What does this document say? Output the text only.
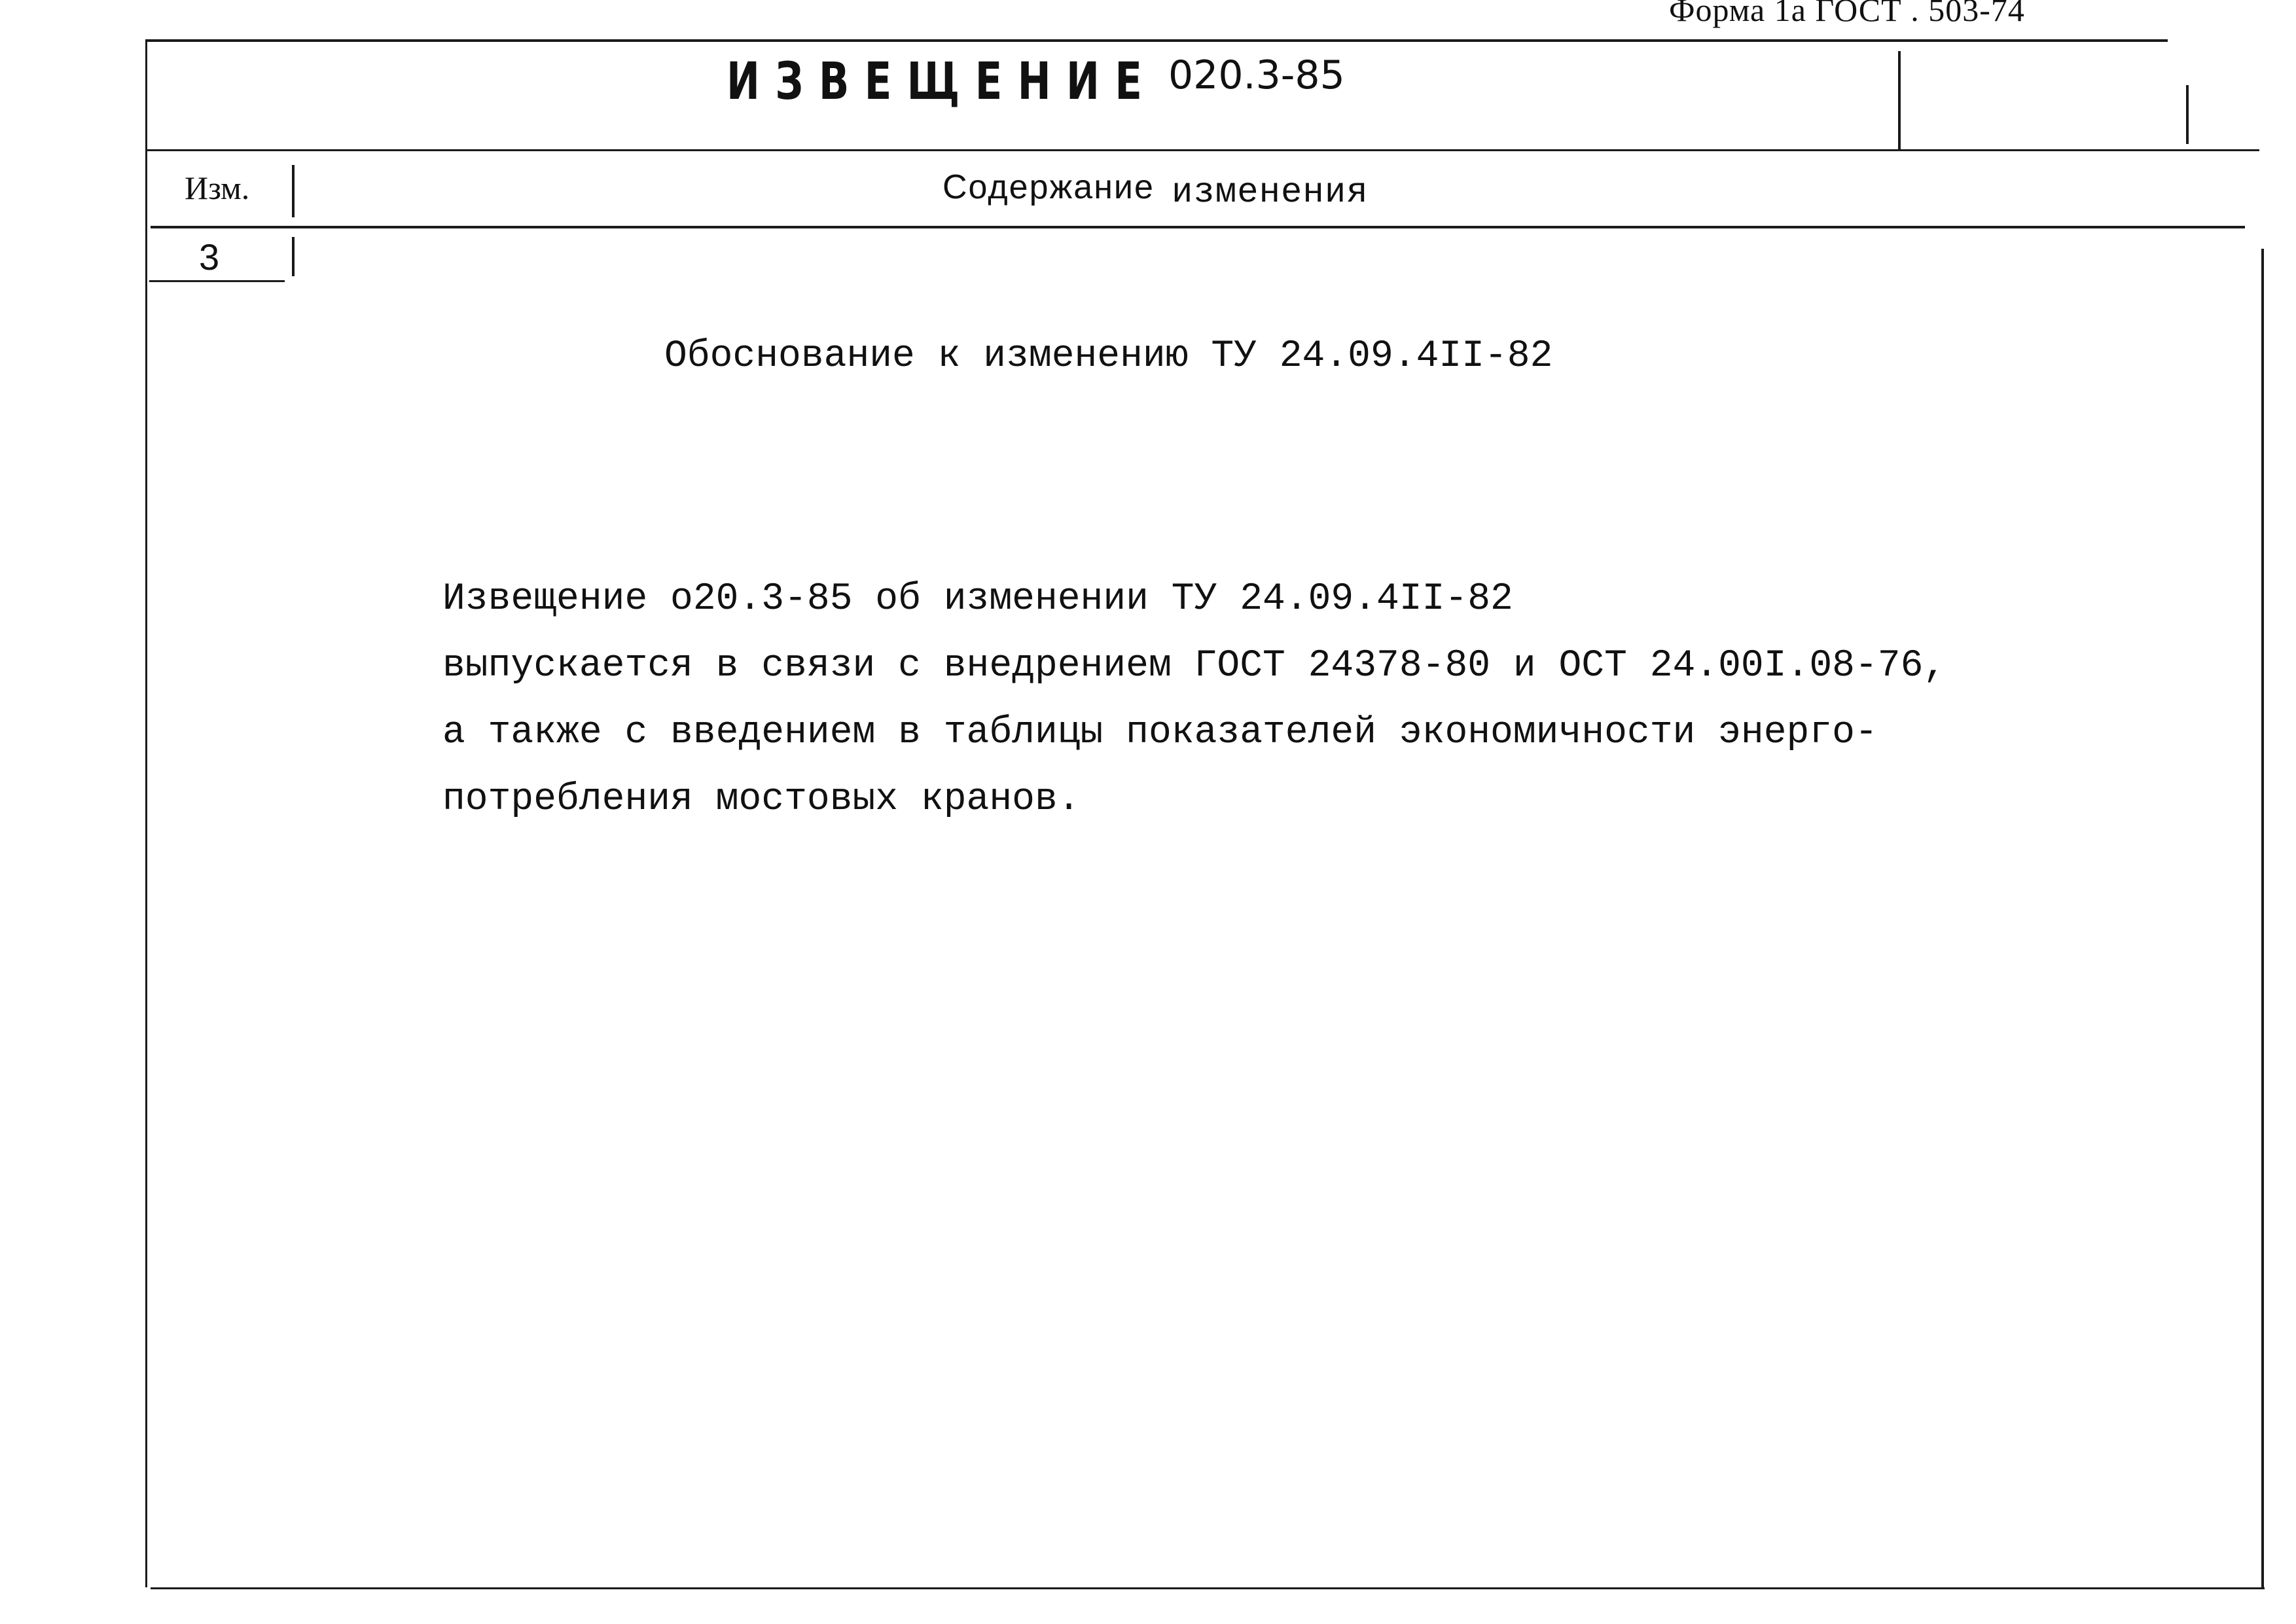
Форма 1а ГОСТ . 503-74
ИЗВЕЩЕНИЕ 020.3-85
Изм.	Содержание изменения
3
Обоснование к изменению ТУ 24.09.4II-82
Извещение о20.3-85 об изменении ТУ 24.09.4II-82
выпускается в связи с внедрением ГОСТ 24378-80 и ОСТ 24.00I.08-76,
а также с введением в таблицы показателей экономичности энерго-
потребления мостовых кранов.
